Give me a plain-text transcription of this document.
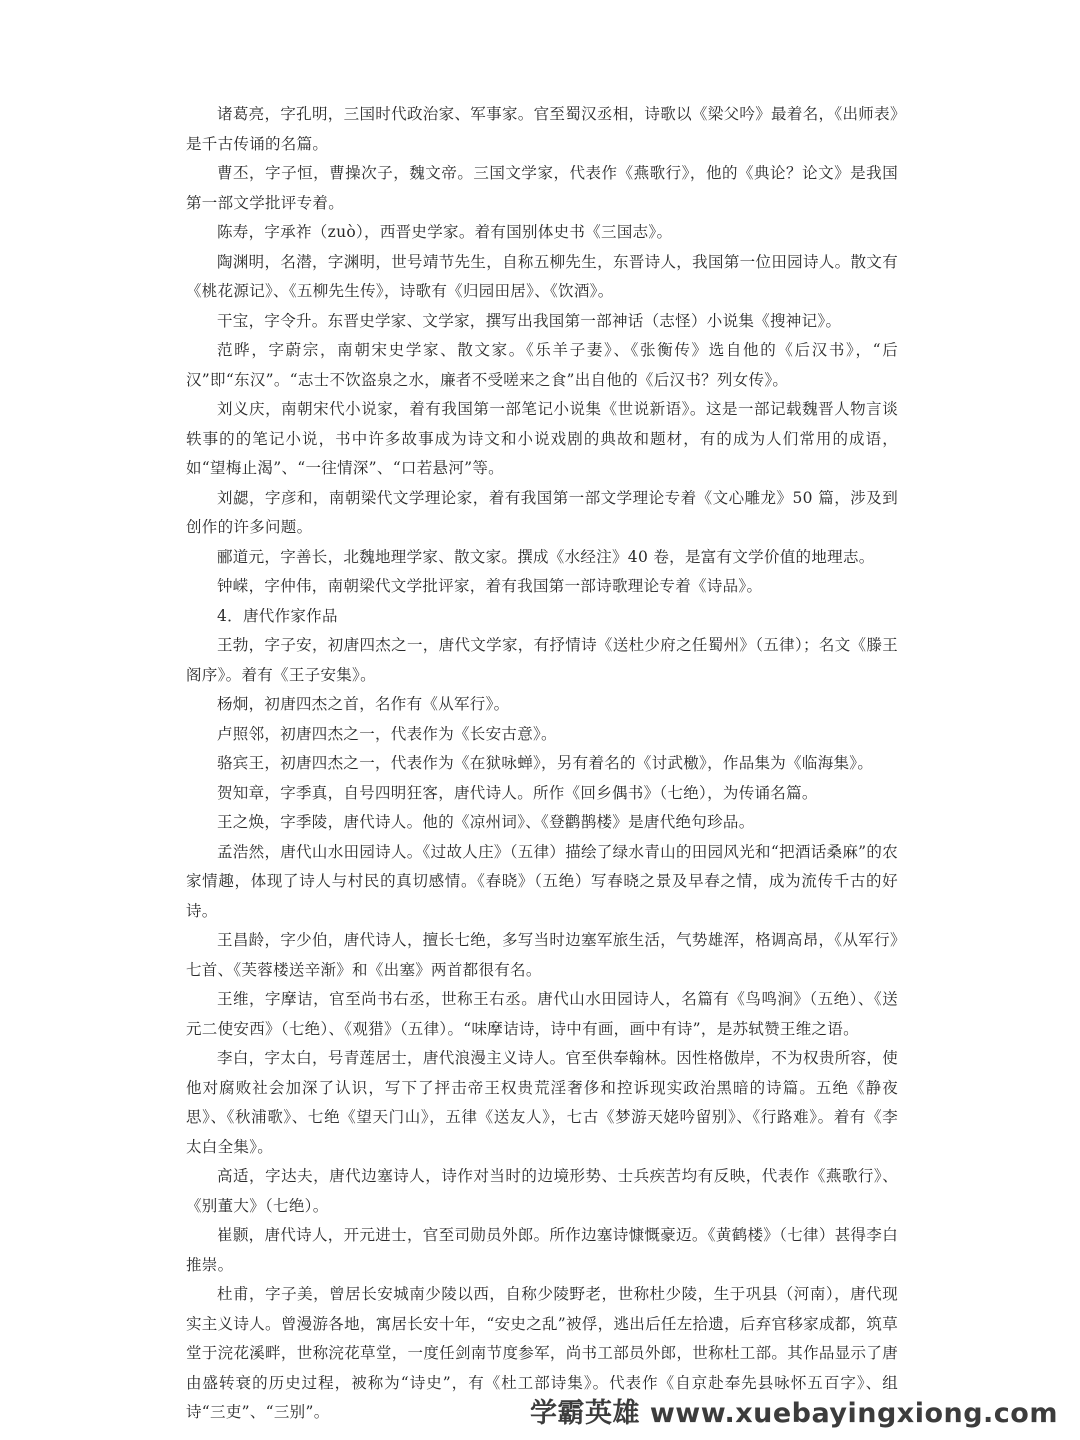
诸葛亮，字孔明，三国时代政治家、军事家。官至蜀汉丞相，诗歌以《梁父吟》最着名，《出师表》是千古传诵的名篇。

曹丕，字子恒，曹操次子，魏文帝。三国文学家，代表作《燕歌行》，他的《典论？论文》是我国第一部文学批评专着。

陈寿，字承祚（zuò），西晋史学家。着有国别体史书《三国志》。

陶渊明，名潜，字渊明，世号靖节先生，自称五柳先生，东晋诗人，我国第一位田园诗人。散文有《桃花源记》、《五柳先生传》，诗歌有《归园田居》、《饮酒》。

干宝，字令升。东晋史学家、文学家，撰写出我国第一部神话（志怪）小说集《搜神记》。

范晔，字蔚宗，南朝宋史学家、散文家。《乐羊子妻》、《张衡传》选自他的《后汉书》，“后汉”即“东汉”。“志士不饮盗泉之水，廉者不受嗟来之食”出自他的《后汉书？列女传》。

刘义庆，南朝宋代小说家，着有我国第一部笔记小说集《世说新语》。这是一部记载魏晋人物言谈轶事的的笔记小说，书中许多故事成为诗文和小说戏剧的典故和题材，有的成为人们常用的成语，如“望梅止渴”、“一往情深”、“口若悬河”等。

刘勰，字彦和，南朝梁代文学理论家，着有我国第一部文学理论专着《文心雕龙》50 篇，涉及到创作的许多问题。

郦道元，字善长，北魏地理学家、散文家。撰成《水经注》40 卷，是富有文学价值的地理志。

钟嵘，字仲伟，南朝梁代文学批评家，着有我国第一部诗歌理论专着《诗品》。

4．唐代作家作品

王勃，字子安，初唐四杰之一，唐代文学家，有抒情诗《送杜少府之任蜀州》（五律）；名文《滕王阁序》。着有《王子安集》。

杨炯，初唐四杰之首，名作有《从军行》。

卢照邻，初唐四杰之一，代表作为《长安古意》。

骆宾王，初唐四杰之一，代表作为《在狱咏蝉》，另有着名的《讨武檄》，作品集为《临海集》。

贺知章，字季真，自号四明狂客，唐代诗人。所作《回乡偶书》（七绝），为传诵名篇。

王之焕，字季陵，唐代诗人。他的《凉州词》、《登鹳鹊楼》是唐代绝句珍品。

孟浩然，唐代山水田园诗人。《过故人庄》（五律）描绘了绿水青山的田园风光和“把酒话桑麻”的农家情趣，体现了诗人与村民的真切感情。《春晓》（五绝）写春晓之景及早春之情，成为流传千古的好诗。

王昌龄，字少伯，唐代诗人，擅长七绝，多写当时边塞军旅生活，气势雄浑，格调高昂，《从军行》七首、《芙蓉楼送辛渐》和《出塞》两首都很有名。

王维，字摩诘，官至尚书右丞，世称王右丞。唐代山水田园诗人，名篇有《鸟鸣涧》（五绝）、《送元二使安西》（七绝）、《观猎》（五律）。“味摩诘诗，诗中有画，画中有诗”，是苏轼赞王维之语。

李白，字太白，号青莲居士，唐代浪漫主义诗人。官至供奉翰林。因性格傲岸，不为权贵所容，使他对腐败社会加深了认识，写下了抨击帝王权贵荒淫奢侈和控诉现实政治黑暗的诗篇。五绝《静夜思》、《秋浦歌》、七绝《望天门山》，五律《送友人》，七古《梦游天姥吟留别》、《行路难》。着有《李太白全集》。

高适，字达夫，唐代边塞诗人，诗作对当时的边境形势、士兵疾苦均有反映，代表作《燕歌行》、《别董大》（七绝）。

崔颢，唐代诗人，开元进士，官至司勋员外郎。所作边塞诗慷慨豪迈。《黄鹤楼》（七律）甚得李白推崇。

杜甫，字子美，曾居长安城南少陵以西，自称少陵野老，世称杜少陵，生于巩县（河南），唐代现实主义诗人。曾漫游各地，寓居长安十年，“安史之乱”被俘，逃出后任左拾遗，后弃官移家成都，筑草堂于浣花溪畔，世称浣花草堂，一度任剑南节度参军，尚书工部员外郎，世称杜工部。其作品显示了唐由盛转衰的历史过程，被称为“诗史”，有《杜工部诗集》。代表作《自京赴奉先县咏怀五百字》、组诗“三吏”、“三别”。	学霸英雄 www.xuebayingxiong.com
